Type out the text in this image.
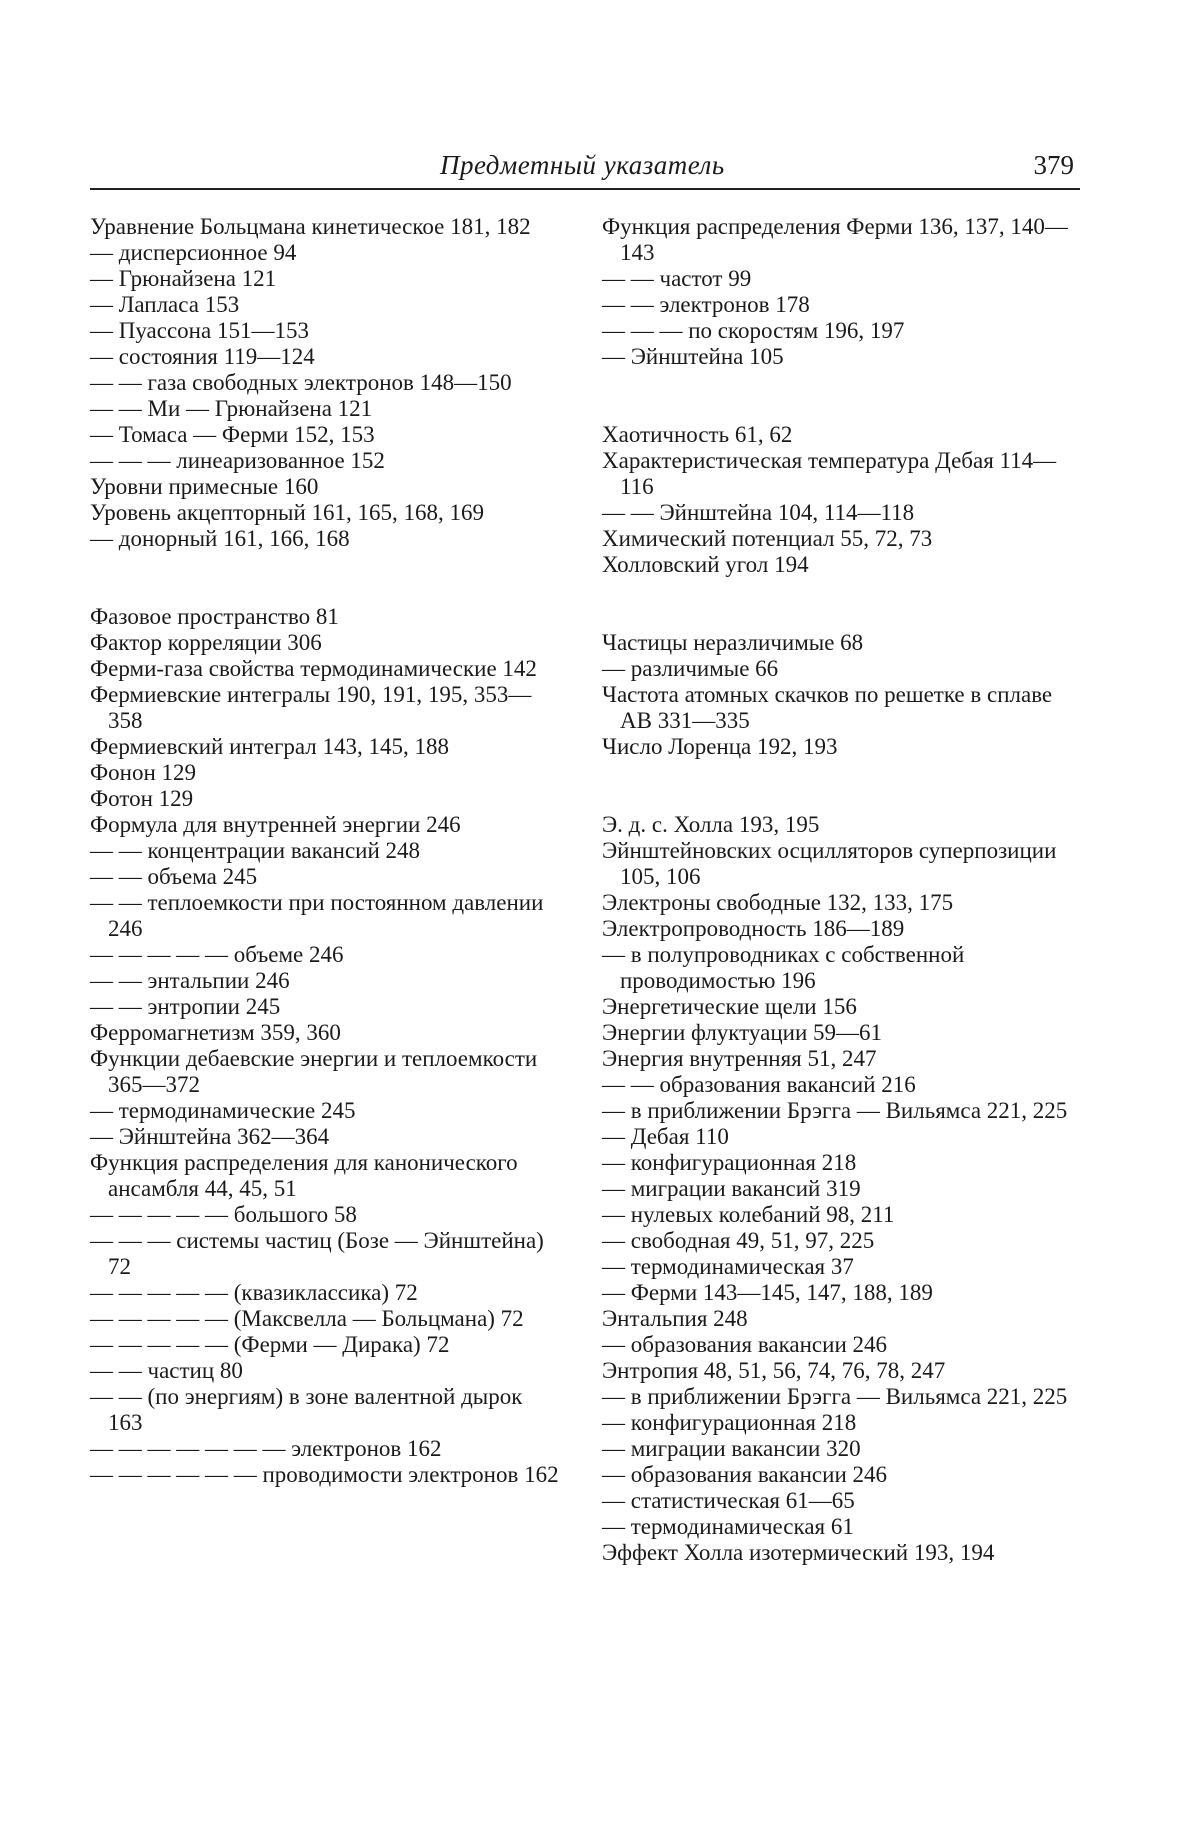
Предметный указатель	379

Уравнение Больцмана кинетическое 181, 182

— дисперсионное 94

— Грюнайзена 121

— Лапласа 153

— Пуассона 151—153

— состояния 119—124

— — газа свободных электронов 148—150

— — Ми — Грюнайзена 121

— Томаса — Ферми 152, 153

— — — линеаризованное 152

Уровни примесные 160

Уровень акцепторный 161, 165, 168, 169

— донорный 161, 166, 168

Фазовое пространство 81

Фактор корреляции 306

Ферми-газа свойства термодинамические 142

Фермиевские интегралы 190, 191, 195, 353—358

Фермиевский интеграл 143, 145, 188

Фонон 129

Фотон 129

Формула для внутренней энергии 246

— — концентрации вакансий 248

— — объема 245

— — теплоемкости при постоянном давлении 246

— — — — — объеме 246

— — энтальпии 246

— — энтропии 245

Ферромагнетизм 359, 360

Функции дебаевские энергии и теплоемкости 365—372

— термодинамические 245

— Эйнштейна 362—364

Функция распределения для канонического ансамбля 44, 45, 51

— — — — — большого 58

— — — системы частиц (Бозе — Эйнштейна) 72

— — — — — (квазиклассика) 72

— — — — — (Максвелла — Больцмана) 72

— — — — — (Ферми — Дирака) 72

— — частиц 80

— — (по энергиям) в зоне валентной дырок 163

— — — — — — — электронов 162

— — — — — — проводимости электронов 162

Функция распределения Ферми 136, 137, 140—143

— — частот 99

— — электронов 178

— — — по скоростям 196, 197

— Эйнштейна 105

Хаотичность 61, 62

Характеристическая температура Дебая 114—116

— — Эйнштейна 104, 114—118

Химический потенциал 55, 72, 73

Холловский угол 194

Частицы неразличимые 68

— различимые 66

Частота атомных скачков по решетке в сплаве AB 331—335

Число Лоренца 192, 193

Э. д. с. Холла 193, 195

Эйнштейновских осцилляторов суперпозиции 105, 106

Электроны свободные 132, 133, 175

Электропроводность 186—189

— в полупроводниках с собственной проводимостью 196

Энергетические щели 156

Энергии флуктуации 59—61

Энергия внутренняя 51, 247

— — образования вакансий 216

— в приближении Брэгга — Вильямса 221, 225

— Дебая 110

— конфигурационная 218

— миграции вакансий 319

— нулевых колебаний 98, 211

— свободная 49, 51, 97, 225

— термодинамическая 37

— Ферми 143—145, 147, 188, 189

Энтальпия 248

— образования вакансии 246

Энтропия 48, 51, 56, 74, 76, 78, 247

— в приближении Брэгга — Вильямса 221, 225

— конфигурационная 218

— миграции вакансии 320

— образования вакансии 246

— статистическая 61—65

— термодинамическая 61

Эффект Холла изотермический 193, 194
